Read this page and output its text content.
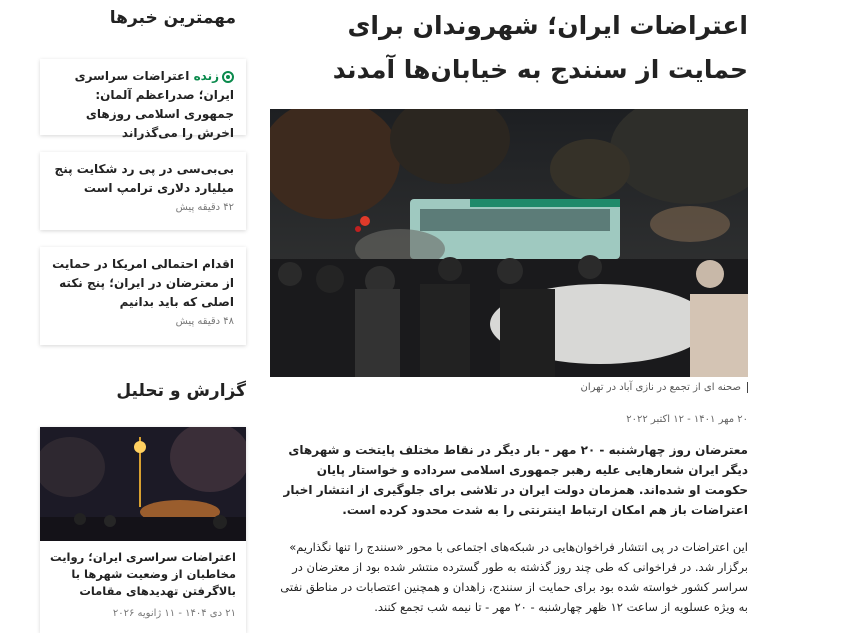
اعتراضات ایران؛ شهروندان برای حمایت از سنندج به خیابان‌ها آمدند
صحنه ای از تجمع در نازی آباد در تهران
۲۰ مهر ۱۴۰۱ - ۱۲ اکتبر ۲۰۲۲
معترضان روز چهارشنبه - ۲۰ مهر - بار دیگر در نقاط مختلف پایتخت و شهرهای دیگر ایران شعارهایی علیه رهبر جمهوری اسلامی سرداده و خواستار پایان حکومت او شده‌اند. همزمان دولت ایران در تلاشی برای جلوگیری از انتشار اخبار اعتراضات باز هم امکان ارتباط اینترنتی را به شدت محدود کرده است.
این اعتراضات در پی انتشار فراخوان‌هایی در شبکه‌های اجتماعی با محور «سنندج را تنها نگذاریم» برگزار شد. در فراخوانی که طی چند روز گذشته به طور گسترده منتشر شده بود از معترضان در سراسر کشور خواسته شده بود برای حمایت از سنندج، زاهدان و همچنین اعتصابات در مناطق نفتی به ویژه عسلویه از ساعت ۱۲ ظهر چهارشنبه - ۲۰ مهر - تا نیمه شب تجمع کنند.
مهمترین خبرها
زنده اعتراضات سراسری ایران؛ صدراعظم آلمان: جمهوری اسلامی روزهای اخرش را می‌گذراند
بی‌بی‌سی در پی رد شکایت پنج میلیارد دلاری ترامپ است
۴۲ دقیقه پیش
اقدام احتمالی امریکا در حمایت از معترضان در ایران؛ پنج نکته اصلی که باید بدانیم
۴۸ دقیقه پیش
گزارش و تحلیل
اعتراضات سراسری ایران؛ روایت مخاطبان از وضعیت شهرها با بالاگرفتن تهدیدهای مقامات
۲۱ دی ۱۴۰۴ - ۱۱ ژانویه ۲۰۲۶
